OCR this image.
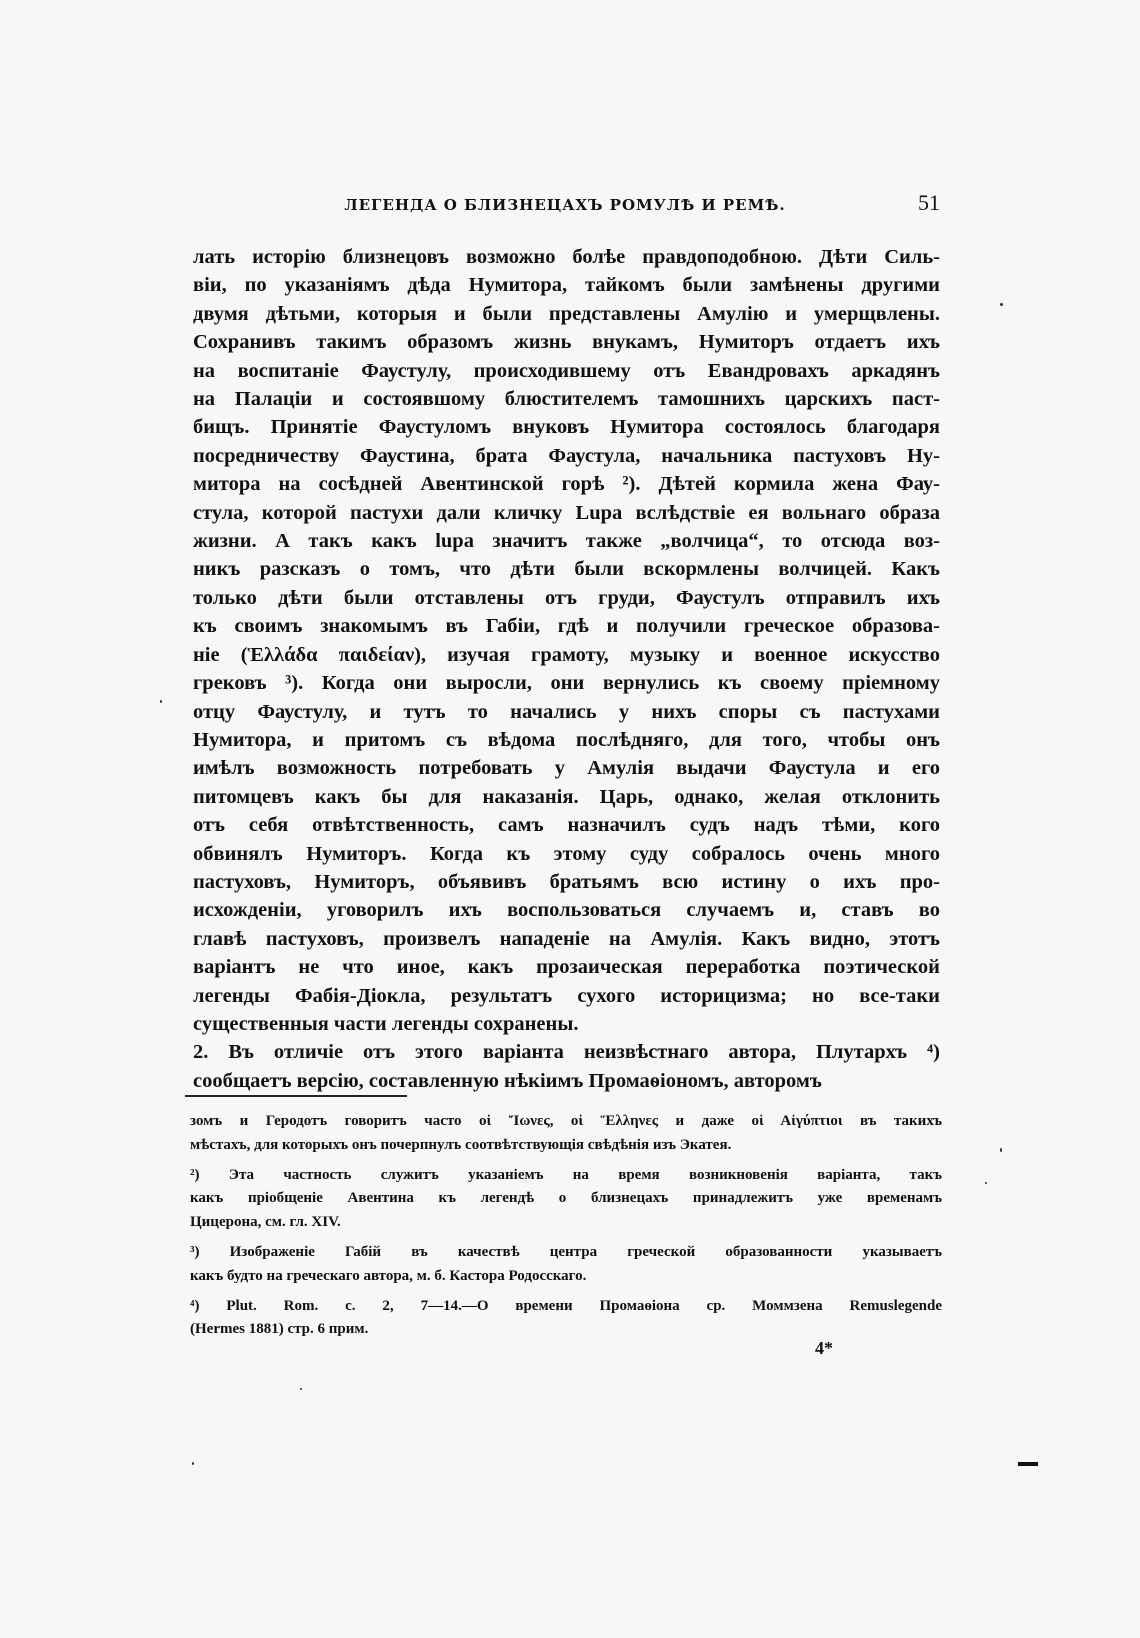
ЛЕГЕНДА О БЛИЗНЕЦАХЪ РОМУЛѢ И РЕМѢ.	51
лать исторію близнецовъ возможно болѣе правдоподобною. Дѣти Силь-
віи, по указаніямъ дѣда Нумитора, тайкомъ были замѣнены другими
двумя дѣтьми, которыя и были представлены Амулію и умерщвлены.
Сохранивъ такимъ образомъ жизнь внукамъ, Нумиторъ отдаетъ ихъ
на воспитаніе Фаустулу, происходившему отъ Евандровахъ аркадянъ
на Палаціи и состоявшому блюстителемъ тамошнихъ царскихъ паст-
бищъ. Принятіе Фаустуломъ внуковъ Нумитора состоялось благодаря
посредничеству Фаустина, брата Фаустула, начальника пастуховъ Ну-
митора на сосѣдней Авентинской горѣ ²). Дѣтей кормила жена Фау-
стула, которой пастухи дали кличку Lupa вслѣдствіе ея вольнаго образа
жизни. А такъ какъ lupa значитъ также „волчица“, то отсюда воз-
никъ разсказъ о томъ, что дѣти были вскормлены волчицей. Какъ
только дѣти были отставлены отъ груди, Фаустулъ отправилъ ихъ
къ своимъ знакомымъ въ Габіи, гдѣ и получили греческое образова-
ніе (Ἑλλάδα παιδείαν), изучая грамоту, музыку и военное искусство
грековъ ³). Когда они выросли, они вернулись къ своему пріемному
отцу Фаустулу, и тутъ то начались у нихъ споры съ пастухами
Нумитора, и притомъ съ вѣдома послѣдняго, для того, чтобы онъ
имѣлъ возможность потребовать у Амулія выдачи Фаустула и его
питомцевъ какъ бы для наказанія. Царь, однако, желая отклонить
отъ себя отвѣтственность, самъ назначилъ судъ надъ тѣми, кого
обвинялъ Нумиторъ. Когда къ этому суду собралось очень много
пастуховъ, Нумиторъ, объявивъ братьямъ всю истину о ихъ про-
исхожденіи, уговорилъ ихъ воспользоваться случаемъ и, ставъ во
главѣ пастуховъ, произвелъ нападеніе на Амулія. Какъ видно, этотъ
варіантъ не что иное, какъ прозаическая переработка поэтической
легенды Фабія-Діокла, результатъ сухого историцизма; но все-таки
существенныя части легенды сохранены.
2. Въ отличіе отъ этого варіанта неизвѣстнаго автора, Плутархъ ⁴)
сообщаетъ версію, составленную нѣкіимъ Промаѳіономъ, авторомъ
зомъ и Геродотъ говоритъ часто οἱ Ἴωνες, οἱ Ἕλληνες и даже οἱ Αἰγύπτιοι въ такихъ
мѣстахъ, для которыхъ онъ почерпнулъ соотвѣтствующія свѣдѣнія изъ Экатея.
²) Эта частность служитъ указаніемъ на время возникновенія варіанта, такъ
какъ пріобщеніе Авентина къ легендѣ о близнецахъ принадлежитъ уже временамъ
Цицерона, см. гл. XIV.
³) Изображеніе Габій въ качествѣ центра греческой образованности указываетъ
какъ будто на греческаго автора, м. б. Кастора Родосскаго.
⁴) Plut. Rom. c. 2, 7—14.—О времени Промаѳіона ср. Моммзена Remuslegende
(Hermes 1881) стр. 6 прим.
4*
